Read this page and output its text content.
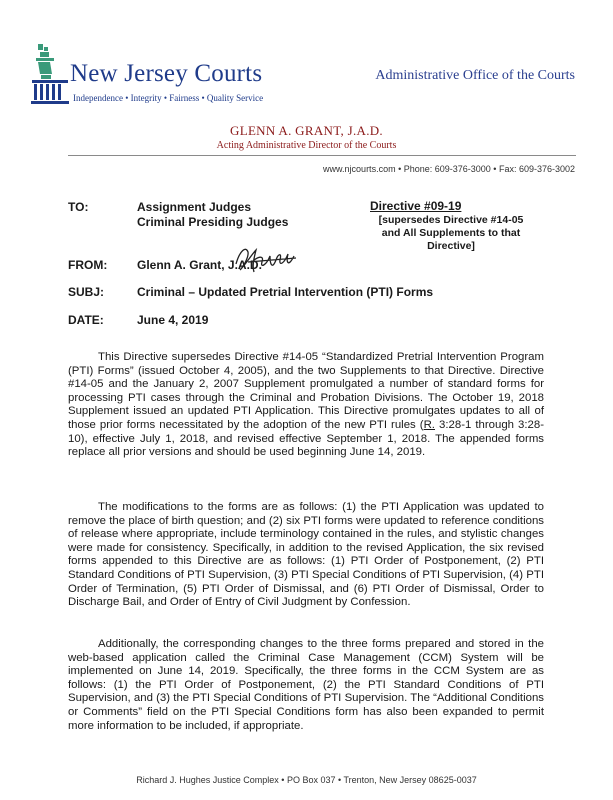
New Jersey Courts
Independence • Integrity • Fairness • Quality Service
Administrative Office of the Courts
GLENN A. GRANT, J.A.D.
Acting Administrative Director of the Courts
www.njcourts.com • Phone: 609-376-3000 • Fax: 609-376-3002
TO:	Assignment Judges
Criminal Presiding Judges
Directive #09-19
[supersedes Directive #14-05 and All Supplements to that Directive]
FROM: Glenn A. Grant, J.A.D.
SUBJ:	Criminal – Updated Pretrial Intervention (PTI) Forms
DATE:	June 4, 2019
This Directive supersedes Directive #14-05 “Standardized Pretrial Intervention Program (PTI) Forms” (issued October 4, 2005), and the two Supplements to that Directive. Directive #14-05 and the January 2, 2007 Supplement promulgated a number of standard forms for processing PTI cases through the Criminal and Probation Divisions. The October 19, 2018 Supplement issued an updated PTI Application. This Directive promulgates updates to all of those prior forms necessitated by the adoption of the new PTI rules (R. 3:28-1 through 3:28-10), effective July 1, 2018, and revised effective September 1, 2018. The appended forms replace all prior versions and should be used beginning June 14, 2019.
The modifications to the forms are as follows: (1) the PTI Application was updated to remove the place of birth question; and (2) six PTI forms were updated to reference conditions of release where appropriate, include terminology contained in the rules, and stylistic changes were made for consistency. Specifically, in addition to the revised Application, the six revised forms appended to this Directive are as follows: (1) PTI Order of Postponement, (2) PTI Standard Conditions of PTI Supervision, (3) PTI Special Conditions of PTI Supervision, (4) PTI Order of Termination, (5) PTI Order of Dismissal, and (6) PTI Order of Dismissal, Order to Discharge Bail, and Order of Entry of Civil Judgment by Confession.
Additionally, the corresponding changes to the three forms prepared and stored in the web-based application called the Criminal Case Management (CCM) System will be implemented on June 14, 2019. Specifically, the three forms in the CCM System are as follows: (1) the PTI Order of Postponement, (2) the PTI Standard Conditions of PTI Supervision, and (3) the PTI Special Conditions of PTI Supervision. The “Additional Conditions or Comments” field on the PTI Special Conditions form has also been expanded to permit more information to be included, if appropriate.
Richard J. Hughes Justice Complex • PO Box 037 • Trenton, New Jersey 08625-0037
